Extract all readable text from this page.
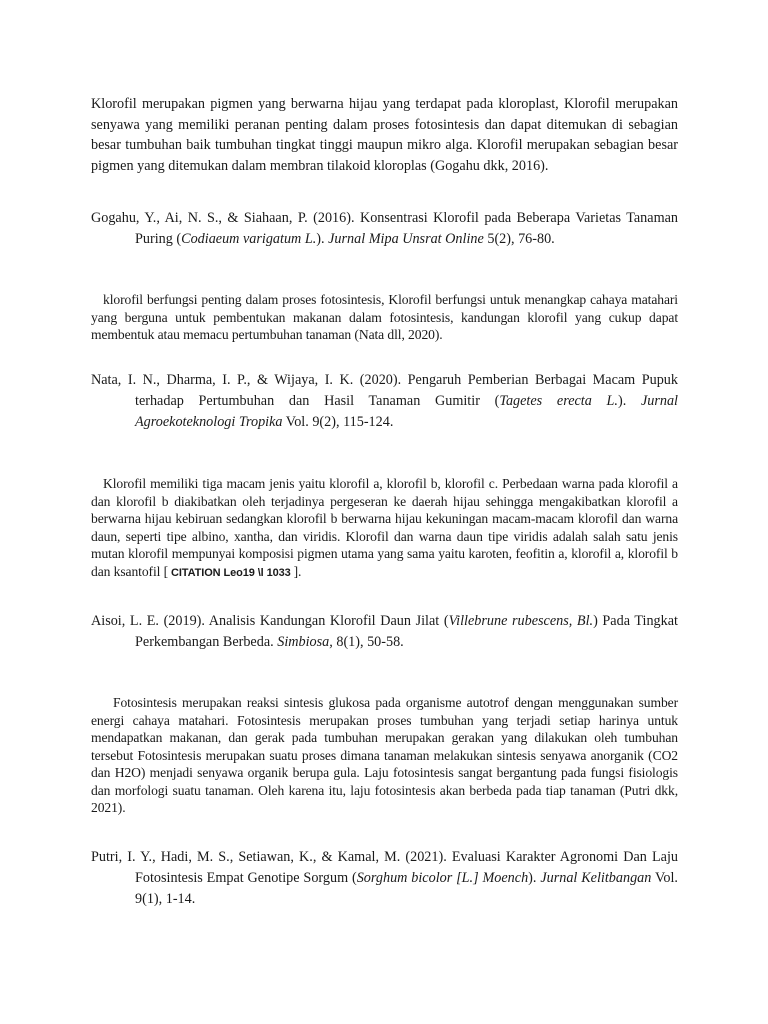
Klorofil merupakan pigmen yang berwarna hijau yang terdapat pada kloroplast, Klorofil merupakan senyawa yang memiliki peranan penting dalam proses fotosintesis dan dapat ditemukan di sebagian besar tumbuhan baik tumbuhan tingkat tinggi maupun mikro alga. Klorofil merupakan sebagian besar pigmen yang ditemukan dalam membran tilakoid kloroplas (Gogahu dkk, 2016).

Gogahu, Y., Ai, N. S., & Siahaan, P. (2016). Konsentrasi Klorofil pada Beberapa Varietas Tanaman Puring (Codiaeum varigatum L.). Jurnal Mipa Unsrat Online 5(2), 76-80.

klorofil berfungsi penting dalam proses fotosintesis, Klorofil berfungsi untuk menangkap cahaya matahari yang berguna untuk pembentukan makanan dalam fotosintesis, kandungan klorofil yang cukup dapat membentuk atau memacu pertumbuhan tanaman (Nata dll, 2020).

Nata, I. N., Dharma, I. P., & Wijaya, I. K. (2020). Pengaruh Pemberian Berbagai Macam Pupuk terhadap Pertumbuhan dan Hasil Tanaman Gumitir (Tagetes erecta L.). Jurnal Agroekoteknologi Tropika Vol. 9(2), 115-124.

Klorofil memiliki tiga macam jenis yaitu klorofil a, klorofil b, klorofil c. Perbedaan warna pada klorofil a dan klorofil b diakibatkan oleh terjadinya pergeseran ke daerah hijau sehingga mengakibatkan klorofil a berwarna hijau kebiruan sedangkan klorofil b berwarna hijau kekuningan macam-macam klorofil dan warna daun, seperti tipe albino, xantha, dan viridis. Klorofil dan warna daun tipe viridis adalah salah satu jenis mutan klorofil mempunyai komposisi pigmen utama yang sama yaitu karoten, feofitin a, klorofil a, klorofil b dan ksantofil [ CITATION Leo19 \l 1033 ].

Aisoi, L. E. (2019). Analisis Kandungan Klorofil Daun Jilat (Villebrune rubescens, Bl.) Pada Tingkat Perkembangan Berbeda. Simbiosa, 8(1), 50-58.

Fotosintesis merupakan reaksi sintesis glukosa pada organisme autotrof dengan menggunakan sumber energi cahaya matahari. Fotosintesis merupakan proses tumbuhan yang terjadi setiap harinya untuk mendapatkan makanan, dan gerak pada tumbuhan merupakan gerakan yang dilakukan oleh tumbuhan tersebut Fotosintesis merupakan suatu proses dimana tanaman melakukan sintesis senyawa anorganik (CO2 dan H2O) menjadi senyawa organik berupa gula. Laju fotosintesis sangat bergantung pada fungsi fisiologis dan morfologi suatu tanaman. Oleh karena itu, laju fotosintesis akan berbeda pada tiap tanaman (Putri dkk, 2021).

Putri, I. Y., Hadi, M. S., Setiawan, K., & Kamal, M. (2021). Evaluasi Karakter Agronomi Dan Laju Fotosintesis Empat Genotipe Sorgum (Sorghum bicolor [L.] Moench). Jurnal Kelitbangan Vol. 9(1), 1-14.
